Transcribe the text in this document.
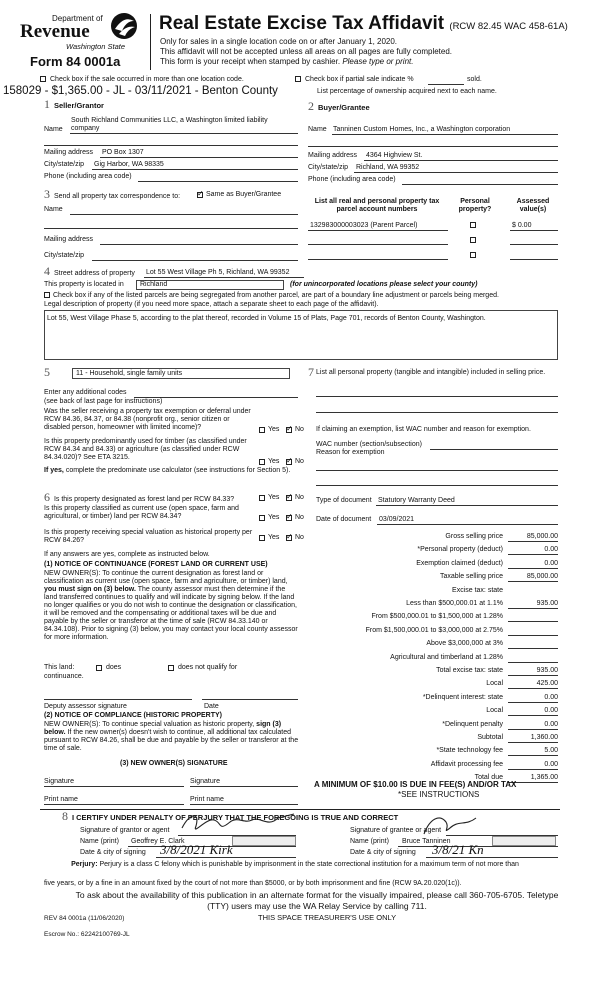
Department of
Revenue
Washington State
Form 84 0001a
Real Estate Excise Tax Affidavit (RCW 82.45 WAC 458-61A)
Only for sales in a single location code on or after January 1, 2020.
This affidavit will not be accepted unless all areas on all pages are fully completed.
This form is your receipt when stamped by cashier. Please type or print.
Check box if the sale occurred in more than one location code.	Check box if partial sale indicate %	sold.
158029 - $1,365.00 - JL - 03/11/2021 - Benton County	List percentage of ownership acquired next to each name.
1 Seller/Grantor	2 Buyer/Grantee
Name
South Richland Communities LLC, a Washington limited liability company
Mailing address PO Box 1307
City/state/zip Gig Harbor, WA 98335
Phone (including area code)
Name Tanninen Custom Homes, Inc., a Washington corporation
Mailing address 4364 Highview St.
City/state/zip Richland, WA 99352
Phone (including area code)
3 Send all property tax correspondence to: ✓ Same as Buyer/Grantee
Name
Mailing address
City/state/zip
List all real and personal property tax parcel account numbers
Personal property?
Assessed value(s)
132983000003023 (Parent Parcel)	$ 0.00
4 Street address of property Lot 55 West Village Ph 5, Richland, WA 99352
This property is located in Richland	(for unincorporated locations please select your county)
Check box if any of the listed parcels are being segregated from another parcel, are part of a boundary line adjustment or parcels being merged.
Legal description of property (if you need more space, attach a separate sheet to each page of the affidavit).
Lot 55, West Village Phase 5, according to the plat thereof, recorded in Volume 15 of Plats, Page 701, records of Benton County, Washington.
5	11 - Household, single family units
Enter any additional codes
(see back of last page for instructions)
Was the seller receiving a property tax exemption or deferral under RCW 84.36, 84.37, or 84.38 (nonprofit org., senior citizen or disabled person, homeowner with limited income)?	Yes ✓ No
Is this property predominantly used for timber (as classified under RCW 84.34 and 84.33) or agriculture (as classified under RCW 84.34.020)? See ETA 3215.
Yes ✓ No
If yes, complete the predominate use calculator (see instructions for Section 5).
6 Is this property designated as forest land per RCW 84.33?	Yes ✓ No
Is this property classified as current use (open space, farm and agricultural, or timber) land per RCW 84.34?	Yes ✓ No
Is this property receiving special valuation as historical property per RCW 84.26?	Yes ✓ No
If any answers are yes, complete as instructed below.
(1) NOTICE OF CONTINUANCE (FOREST LAND OR CURRENT USE)
NEW OWNER(S): To continue the current designation as forest land or classification as current use (open space, farm and agriculture, or timber) land, you must sign on (3) below. The county assessor must then determine if the land transferred continues to qualify and will indicate by signing below. If the land no longer qualifies or you do not wish to continue the designation or classification, it will be removed and the compensating or additional taxes will be due and payable by the seller or transferor at the time of sale (RCW 84.33.140 or 84.34.108). Prior to signing (3) below, you may contact your local county assessor for more information.
This land:	does	does not qualify for
continuance.
Deputy assessor signature	Date
(2) NOTICE OF COMPLIANCE (HISTORIC PROPERTY)
NEW OWNER(S): To continue special valuation as historic property, sign (3) below. If the new owner(s) doesn't wish to continue, all additional tax calculated pursuant to RCW 84.26, shall be due and payable by the seller or transferor at the time of sale.
(3) NEW OWNER(S) SIGNATURE
Signature	Signature
Print name	Print name
7 List all personal property (tangible and intangible) included in selling price.
If claiming an exemption, list WAC number and reason for exemption.
WAC number (section/subsection)
Reason for exemption
Type of document Statutory Warranty Deed
Date of document 03/09/2021
Gross selling price	85,000.00
*Personal property (deduct)	0.00
Exemption claimed (deduct)	0.00
Taxable selling price	85,000.00
Excise tax: state
Less than $500,000.01 at 1.1%	935.00
From $500,000.01 to $1,500,000 at 1.28%
From $1,500,000.01 to $3,000,000 at 2.75%
Above $3,000,000 at 3%
Agricultural and timberland at 1.28%
Total excise tax: state	935.00
Local	425.00
*Delinquent interest: state	0.00
Local	0.00
*Delinquent penalty	0.00
Subtotal	1,360.00
*State technology fee	5.00
Affidavit processing fee	0.00
Total due	1,365.00
A MINIMUM OF $10.00 IS DUE IN FEE(S) AND/OR TAX
*SEE INSTRUCTIONS
8 I CERTIFY UNDER PENALTY OF PERJURY THAT THE FOREGOING IS TRUE AND CORRECT
Signature of grantor or agent
Name (print) Geoffrey E. Clark
Date & city of signing 3/8/2021 Kirk
Signature of grantee or agent
Name (print) Bruce Tanninen
Date & city of signing 3/8/21 Kn
Perjury: Perjury is a class C felony which is punishable by imprisonment in the state correctional institution for a maximum term of not more than
five years, or by a fine in an amount fixed by the court of not more than $5000, or by both imprisonment and fine (RCW 9A.20.020(1c)).
To ask about the availability of this publication in an alternate format for the visually impaired, please call 360-705-6705. Teletype (TTY) users may use the WA Relay Service by calling 711.
REV 84 0001a (11/06/2020)	THIS SPACE TREASURER'S USE ONLY
Escrow No.: 62242100769-JL
